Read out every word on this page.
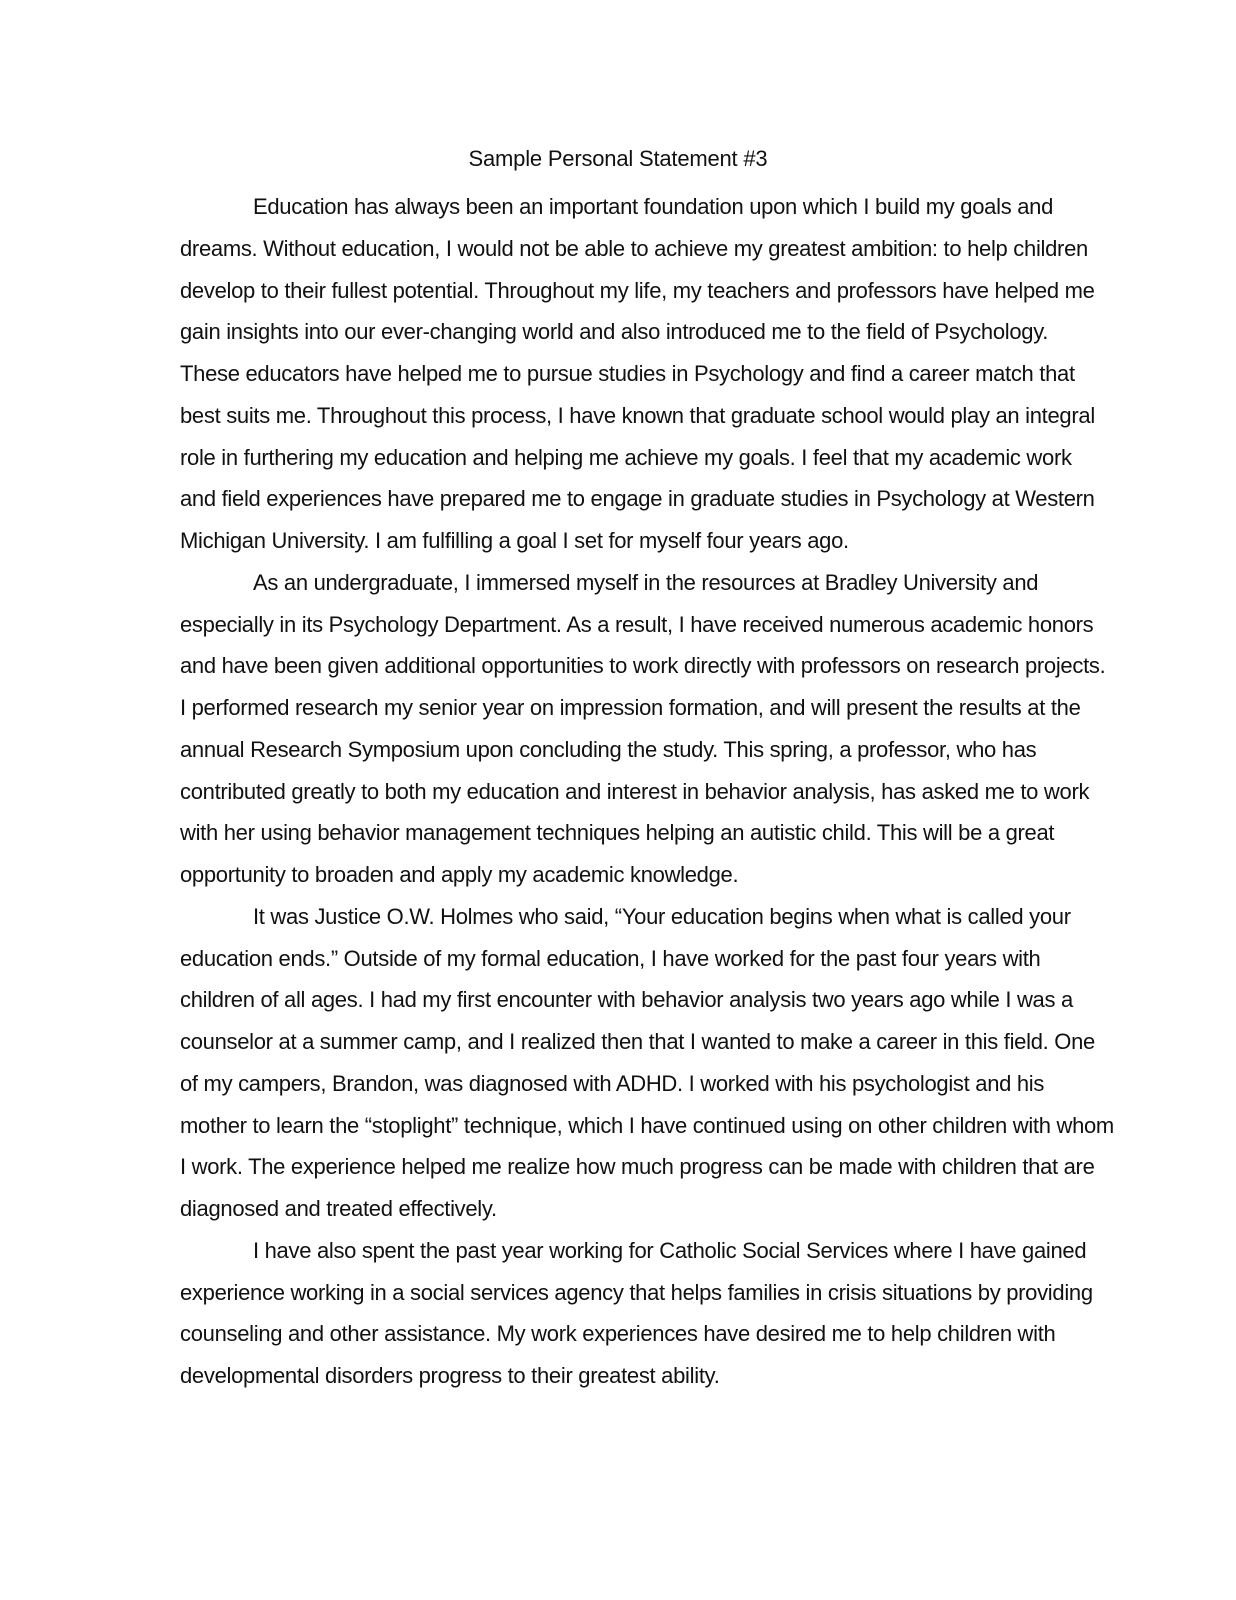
Sample Personal Statement #3
Education has always been an important foundation upon which I build my goals and
dreams. Without education, I would not be able to achieve my greatest ambition: to help children
develop to their fullest potential. Throughout my life, my teachers and professors have helped me
gain insights into our ever-changing world and also introduced me to the field of Psychology.
These educators have helped me to pursue studies in Psychology and find a career match that
best suits me. Throughout this process, I have known that graduate school would play an integral
role in furthering my education and helping me achieve my goals. I feel that my academic work
and field experiences have prepared me to engage in graduate studies in Psychology at Western
Michigan University. I am fulfilling a goal I set for myself four years ago.
As an undergraduate, I immersed myself in the resources at Bradley University and
especially in its Psychology Department. As a result, I have received numerous academic honors
and have been given additional opportunities to work directly with professors on research projects.
I performed research my senior year on impression formation, and will present the results at the
annual Research Symposium upon concluding the study. This spring, a professor, who has
contributed greatly to both my education and interest in behavior analysis, has asked me to work
with her using behavior management techniques helping an autistic child. This will be a great
opportunity to broaden and apply my academic knowledge.
It was Justice O.W. Holmes who said, “Your education begins when what is called your
education ends.” Outside of my formal education, I have worked for the past four years with
children of all ages. I had my first encounter with behavior analysis two years ago while I was a
counselor at a summer camp, and I realized then that I wanted to make a career in this field. One
of my campers, Brandon, was diagnosed with ADHD. I worked with his psychologist and his
mother to learn the “stoplight” technique, which I have continued using on other children with whom
I work. The experience helped me realize how much progress can be made with children that are
diagnosed and treated effectively.
I have also spent the past year working for Catholic Social Services where I have gained
experience working in a social services agency that helps families in crisis situations by providing
counseling and other assistance. My work experiences have desired me to help children with
developmental disorders progress to their greatest ability.
